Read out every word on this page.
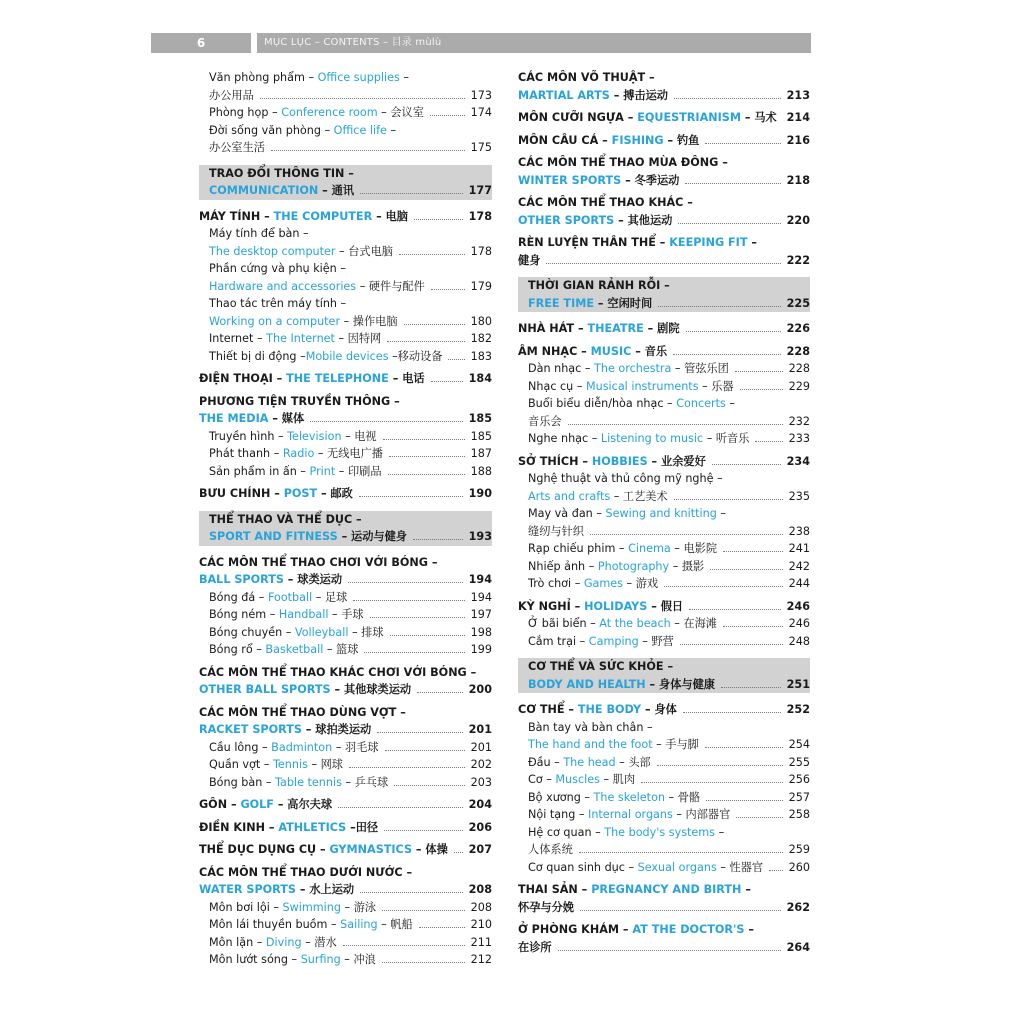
6	MỤC LỤC – CONTENTS – 目录 mùlù
Văn phòng phẩm – Office supplies –
办公用品	173
Phòng họp – Conference room – 会议室	174
Đời sống văn phòng – Office life –
办公室生活	175
TRAO ĐỔI THÔNG TIN –
COMMUNICATION – 通讯	177
MÁY TÍNH – THE COMPUTER – 电脑	178
Máy tính để bàn –
The desktop computer – 台式电脑	178
Phần cứng và phụ kiện –
Hardware and accessories – 硬件与配件	179
Thao tác trên máy tính –
Working on a computer – 操作电脑	180
Internet – The Internet – 因特网	182
Thiết bị di động –Mobile devices –移动设备	183
ĐIỆN THOẠI – THE TELEPHONE – 电话	184
PHƯƠNG TIỆN TRUYỀN THÔNG –
THE MEDIA – 媒体	185
Truyền hình – Television – 电视	185
Phát thanh – Radio – 无线电广播	187
Sản phẩm in ấn – Print – 印刷品	188
BƯU CHÍNH – POST – 邮政	190
THỂ THAO VÀ THỂ DỤC –
SPORT AND FITNESS – 运动与健身	193
CÁC MÔN THỂ THAO CHƠI VỚI BÓNG –
BALL SPORTS – 球类运动	194
Bóng đá – Football – 足球	194
Bóng ném – Handball – 手球	197
Bóng chuyền – Volleyball – 排球	198
Bóng rổ – Basketball – 篮球	199
CÁC MÔN THỂ THAO KHÁC CHƠI VỚI BÓNG –
OTHER BALL SPORTS – 其他球类运动	200
CÁC MÔN THỂ THAO DÙNG VỢT –
RACKET SPORTS – 球拍类运动	201
Cầu lông – Badminton – 羽毛球	201
Quần vợt – Tennis – 网球	202
Bóng bàn – Table tennis – 乒乓球	203
GÔN – GOLF – 高尔夫球	204
ĐIỀN KINH – ATHLETICS –田径	206
THỂ DỤC DỤNG CỤ – GYMNASTICS – 体操 207
CÁC MÔN THỂ THAO DƯỚI NƯỚC –
WATER SPORTS – 水上运动	208
Môn bơi lội – Swimming – 游泳	208
Môn lái thuyền buồm – Sailing – 帆船	210
Môn lặn – Diving – 潜水	211
Môn lướt sóng – Surfing – 冲浪	212
CÁC MÔN VÕ THUẬT –
MARTIAL ARTS – 搏击运动	213
MÔN CƯỠI NGỰA – EQUESTRIANISM – 马术 214
MÔN CÂU CÁ – FISHING – 钓鱼	216
CÁC MÔN THỂ THAO MÙA ĐÔNG –
WINTER SPORTS – 冬季运动	218
CÁC MÔN THỂ THAO KHÁC –
OTHER SPORTS – 其他运动	220
RÈN LUYỆN THÂN THỂ – KEEPING FIT –
健身	222
THỜI GIAN RẢNH RỖI –
FREE TIME – 空闲时间	225
NHÀ HÁT – THEATRE – 剧院	226
ÂM NHẠC – MUSIC – 音乐	228
Dàn nhạc – The orchestra – 管弦乐团	228
Nhạc cụ – Musical instruments – 乐器	229
Buổi biểu diễn/hòa nhạc – Concerts –
音乐会	232
Nghe nhạc – Listening to music – 听音乐	233
SỞ THÍCH – HOBBIES – 业余爱好	234
Nghệ thuật và thủ công mỹ nghệ –
Arts and crafts – 工艺美术	235
May và đan – Sewing and knitting –
缝纫与针织	238
Rạp chiếu phim – Cinema – 电影院	241
Nhiếp ảnh – Photography – 摄影	242
Trò chơi – Games – 游戏	244
KỲ NGHỈ – HOLIDAYS – 假日	246
Ở bãi biển – At the beach – 在海滩	246
Cắm trại – Camping – 野营	248
CƠ THỂ VÀ SỨC KHỎE –
BODY AND HEALTH – 身体与健康	251
CƠ THỂ – THE BODY – 身体	252
Bàn tay và bàn chân –
The hand and the foot – 手与脚	254
Đầu – The head – 头部	255
Cơ – Muscles – 肌肉	256
Bộ xương – The skeleton – 骨骼	257
Nội tạng – Internal organs – 内部器官	258
Hệ cơ quan – The body's systems –
人体系统	259
Cơ quan sinh dục – Sexual organs – 性器官 260
THAI SẢN – PREGNANCY AND BIRTH –
怀孕与分娩	262
Ở PHÒNG KHÁM – AT THE DOCTOR'S –
在诊所	264
